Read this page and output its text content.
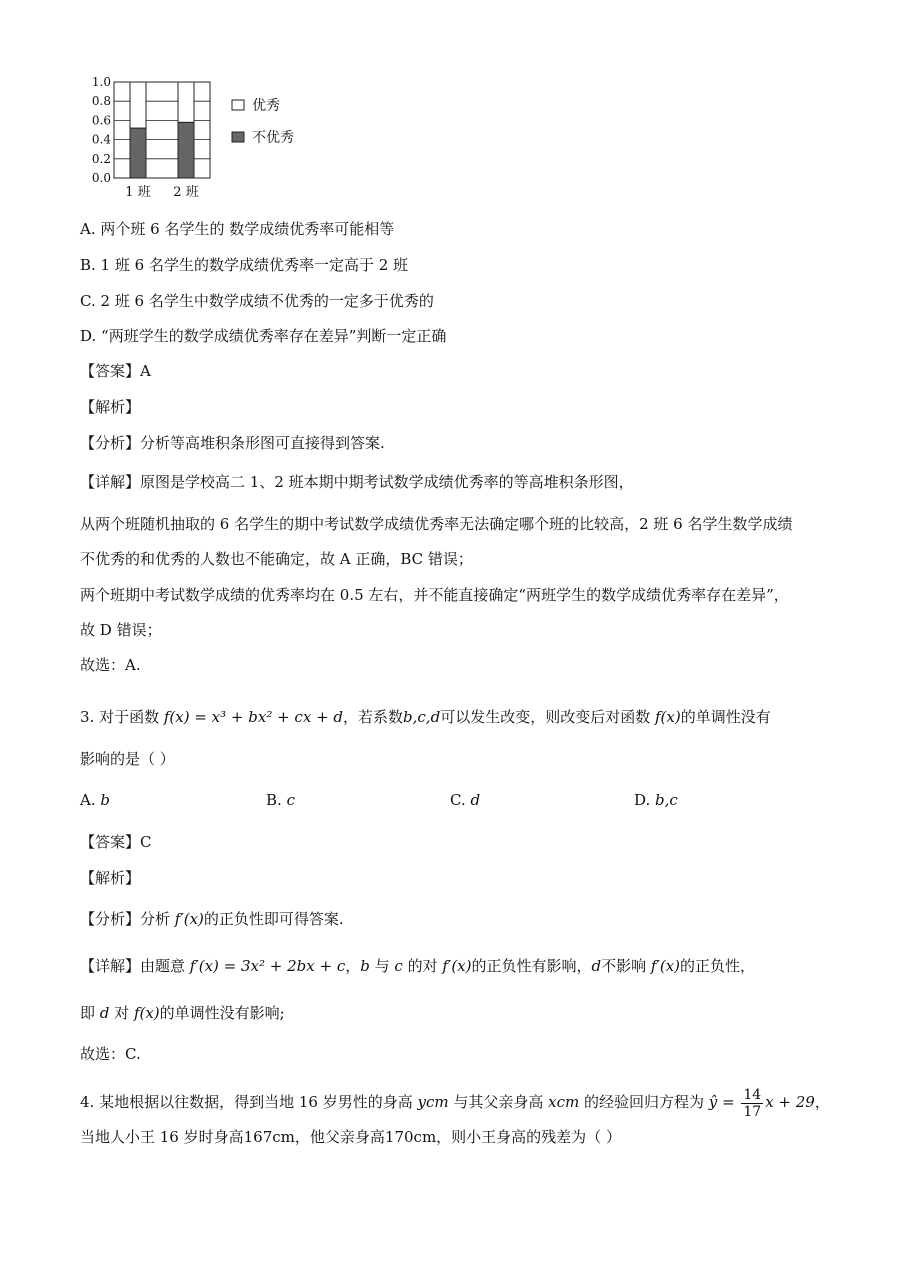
0.0
0.2
0.4
0.6
0.8
1.0
1 班 2 班
优秀
不优秀
A. 两个班 6 名学生的 数学成绩优秀率可能相等
B. 1 班 6 名学生的数学成绩优秀率一定高于 2 班
C. 2 班 6 名学生中数学成绩不优秀的一定多于优秀的
D. “两班学生的数学成绩优秀率存在差异”判断一定正确
【答案】A
【解析】
【分析】分析等高堆积条形图可直接得到答案.
【详解】原图是学校高二 1、2 班本期中期考试数学成绩优秀率的等高堆积条形图，
从两个班随机抽取的 6 名学生的期中考试数学成绩优秀率无法确定哪个班的比较高，2 班 6 名学生数学成绩
不优秀的和优秀的人数也不能确定，故 A 正确，BC 错误；
两个班期中考试数学成绩的优秀率均在 0.5 左右，并不能直接确定“两班学生的数学成绩优秀率存在差异”，
故 D 错误；
故选：A.
3. 对于函数 f(x) = x³ + bx² + cx + d，若系数b,c,d可以发生改变，则改变后对函数 f(x)的单调性没有
影响的是（ ）
A. b	B. c	C. d	D. b,c
【答案】C
【解析】
【分析】分析 f′(x)的正负性即可得答案.
【详解】由题意 f′(x) = 3x² + 2bx + c，b 与 c 的对 f′(x)的正负性有影响，d不影响 f′(x)的正负性，
即 d 对 f(x)的单调性没有影响;
故选：C.
4. 某地根据以往数据，得到当地 16 岁男性的身高 ycm 与其父亲身高 xcm 的经验回归方程为 ŷ = $\frac{14}{17}$ x + 29，
当地人小王 16 岁时身高167cm，他父亲身高170cm，则小王身高的残差为（ ）
